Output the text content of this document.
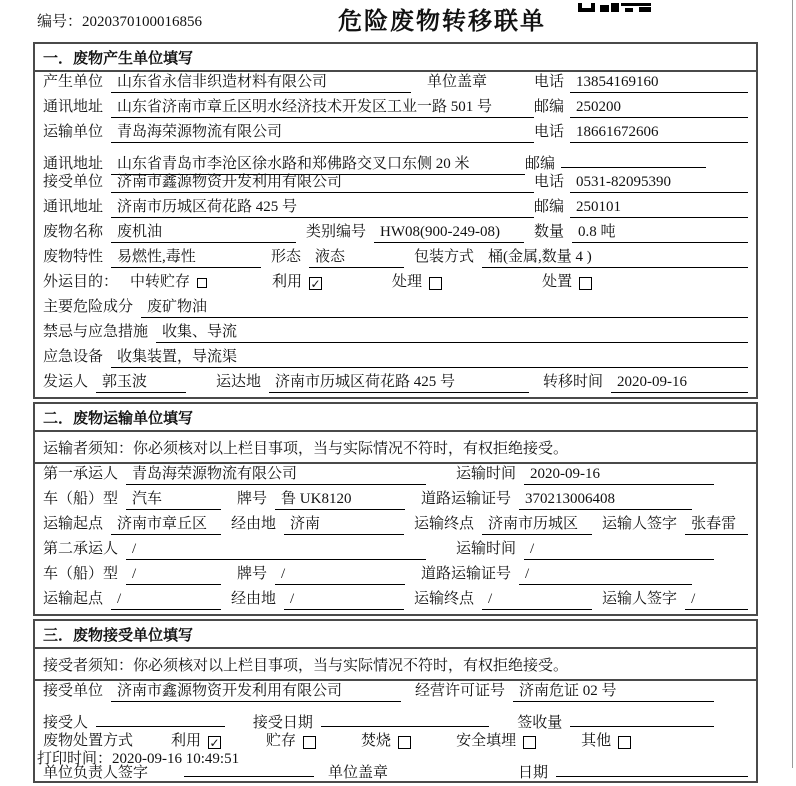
危险废物转移联单
编号：2020370100016856
一．废物产生单位填写
产生单位 山东省永信非织造材料有限公司	单位盖章	电话 13854169160
通讯地址 山东省济南市章丘区明水经济技术开发区工业一路 501 号	邮编 250200
运输单位 青岛海荣源物流有限公司	电话 18661672606
通讯地址 山东省青岛市李沧区徐水路和郑佛路交叉口东侧 20 米	邮编
接受单位 济南市鑫源物资开发利用有限公司	电话 0531-82095390
通讯地址 济南市历城区荷花路 425 号	邮编 250101
废物名称 废机油	类别编号 HW08(900-249-08)	数量 0.8 吨
废物特性 易燃性,毒性	形态 液态	包装方式 桶(金属,数量 4 )
外运目的： 中转贮存	利用 ✓	处理	处置
主要危险成分 废矿物油
禁忌与应急措施 收集、导流
应急设备 收集装置，导流渠
发运人 郭玉波	运达地 济南市历城区荷花路 425 号	转移时间 2020-09-16
二．废物运输单位填写
运输者须知：你必须核对以上栏目事项，当与实际情况不符时，有权拒绝接受。
第一承运人 青岛海荣源物流有限公司	运输时间 2020-09-16
车（船）型 汽车	牌号 鲁 UK8120	道路运输证号 370213006408
运输起点 济南市章丘区	经由地 济南	运输终点 济南市历城区	运输人签字 张春雷
第二承运人 /	运输时间 /
车（船）型 /	牌号 /	道路运输证号 /
运输起点 /	经由地 /	运输终点 /	运输人签字 /
三．废物接受单位填写
接受者须知：你必须核对以上栏目事项，当与实际情况不符时，有权拒绝接受。
接受单位 济南市鑫源物资开发利用有限公司	经营许可证号 济南危证 02 号
接受人	接受日期	签收量
废物处置方式	利用 ✓	贮存	焚烧	安全填埋	其他
单位负责人签字	单位盖章	日期
打印时间：2020-09-16 10:49:51
